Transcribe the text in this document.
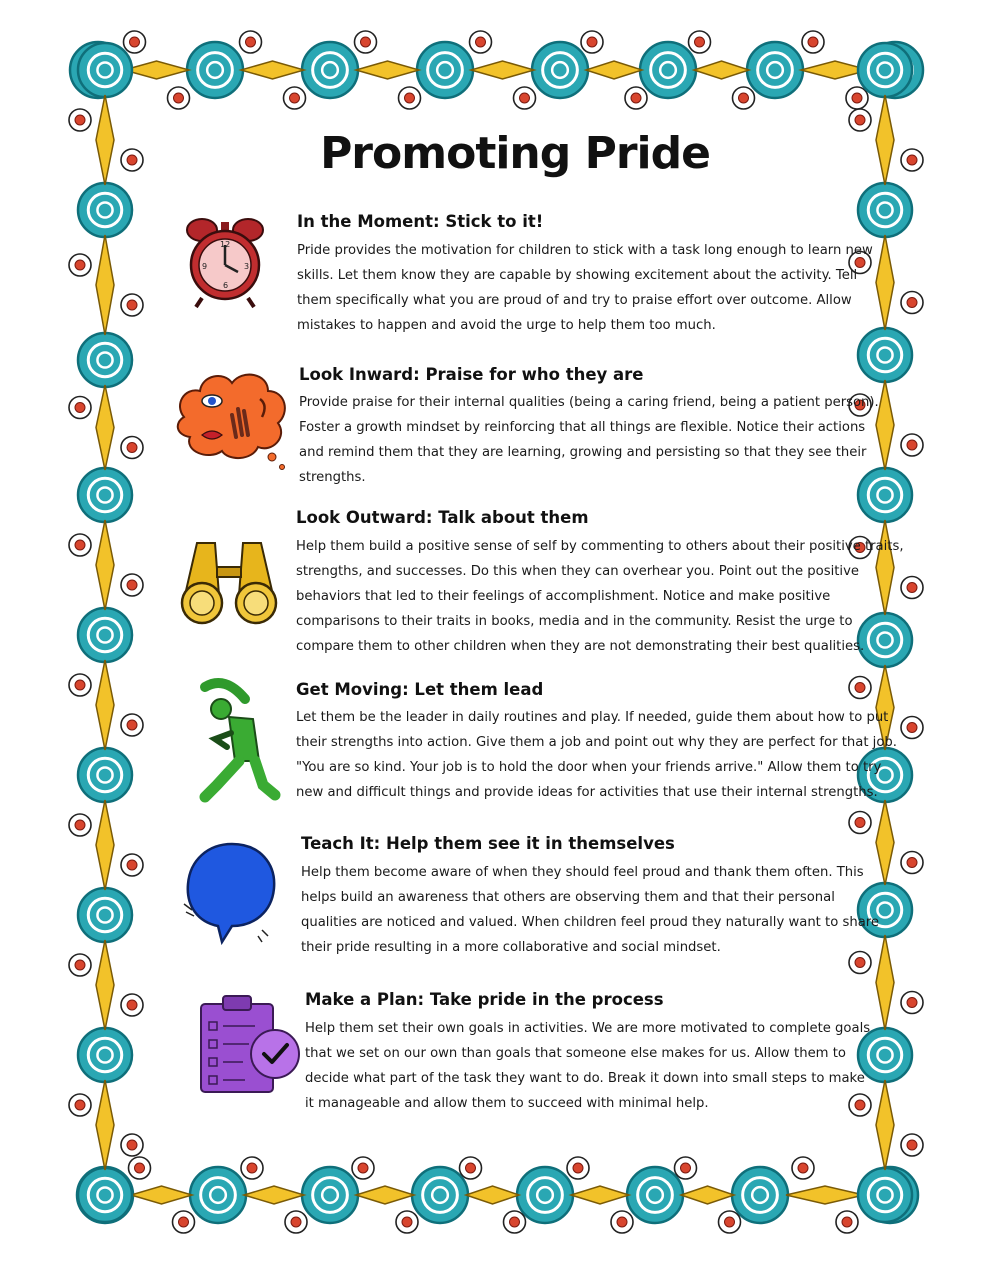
Promoting Pride
12
3
6
9
In the Moment: Stick to it!

Pride provides the motivation for children to stick with a task long enough to learn new
skills. Let them know they are capable by showing excitement about the activity. Tell
them specifically what you are proud of and try to praise effort over outcome. Allow
mistakes to happen and avoid the urge to help them too much.

Look Inward: Praise for who they are

Provide praise for their internal qualities (being a caring friend, being a patient person).
Foster a growth mindset by reinforcing that all things are flexible. Notice their actions
and remind them that they are learning, growing and persisting so that they see their
strengths.

Look Outward: Talk about them

Help them build a positive sense of self by commenting to others about their positive traits,
strengths, and successes. Do this when they can overhear you. Point out the positive
behaviors that led to their feelings of accomplishment. Notice and make positive
comparisons to their traits in books, media and in the community. Resist the urge to
compare them to other children when they are not demonstrating their best qualities.

Get Moving: Let them lead

Let them be the leader in daily routines and play. If needed, guide them about how to put
their strengths into action. Give them a job and point out why they are perfect for that job.
"You are so kind. Your job is to hold the door when your friends arrive." Allow them to try
new and difficult things and provide ideas for activities that use their internal strengths.

Teach It: Help them see it in themselves

Help them become aware of when they should feel proud and thank them often. This
helps build an awareness that others are observing them and that their personal
qualities are noticed and valued. When children feel proud they naturally want to share
their pride resulting in a more collaborative and social mindset.

Make a Plan: Take pride in the process

Help them set their own goals in activities. We are more motivated to complete goals
that we set on our own than goals that someone else makes for us. Allow them to
decide what part of the task they want to do. Break it down into small steps to make
it manageable and allow them to succeed with minimal help.
